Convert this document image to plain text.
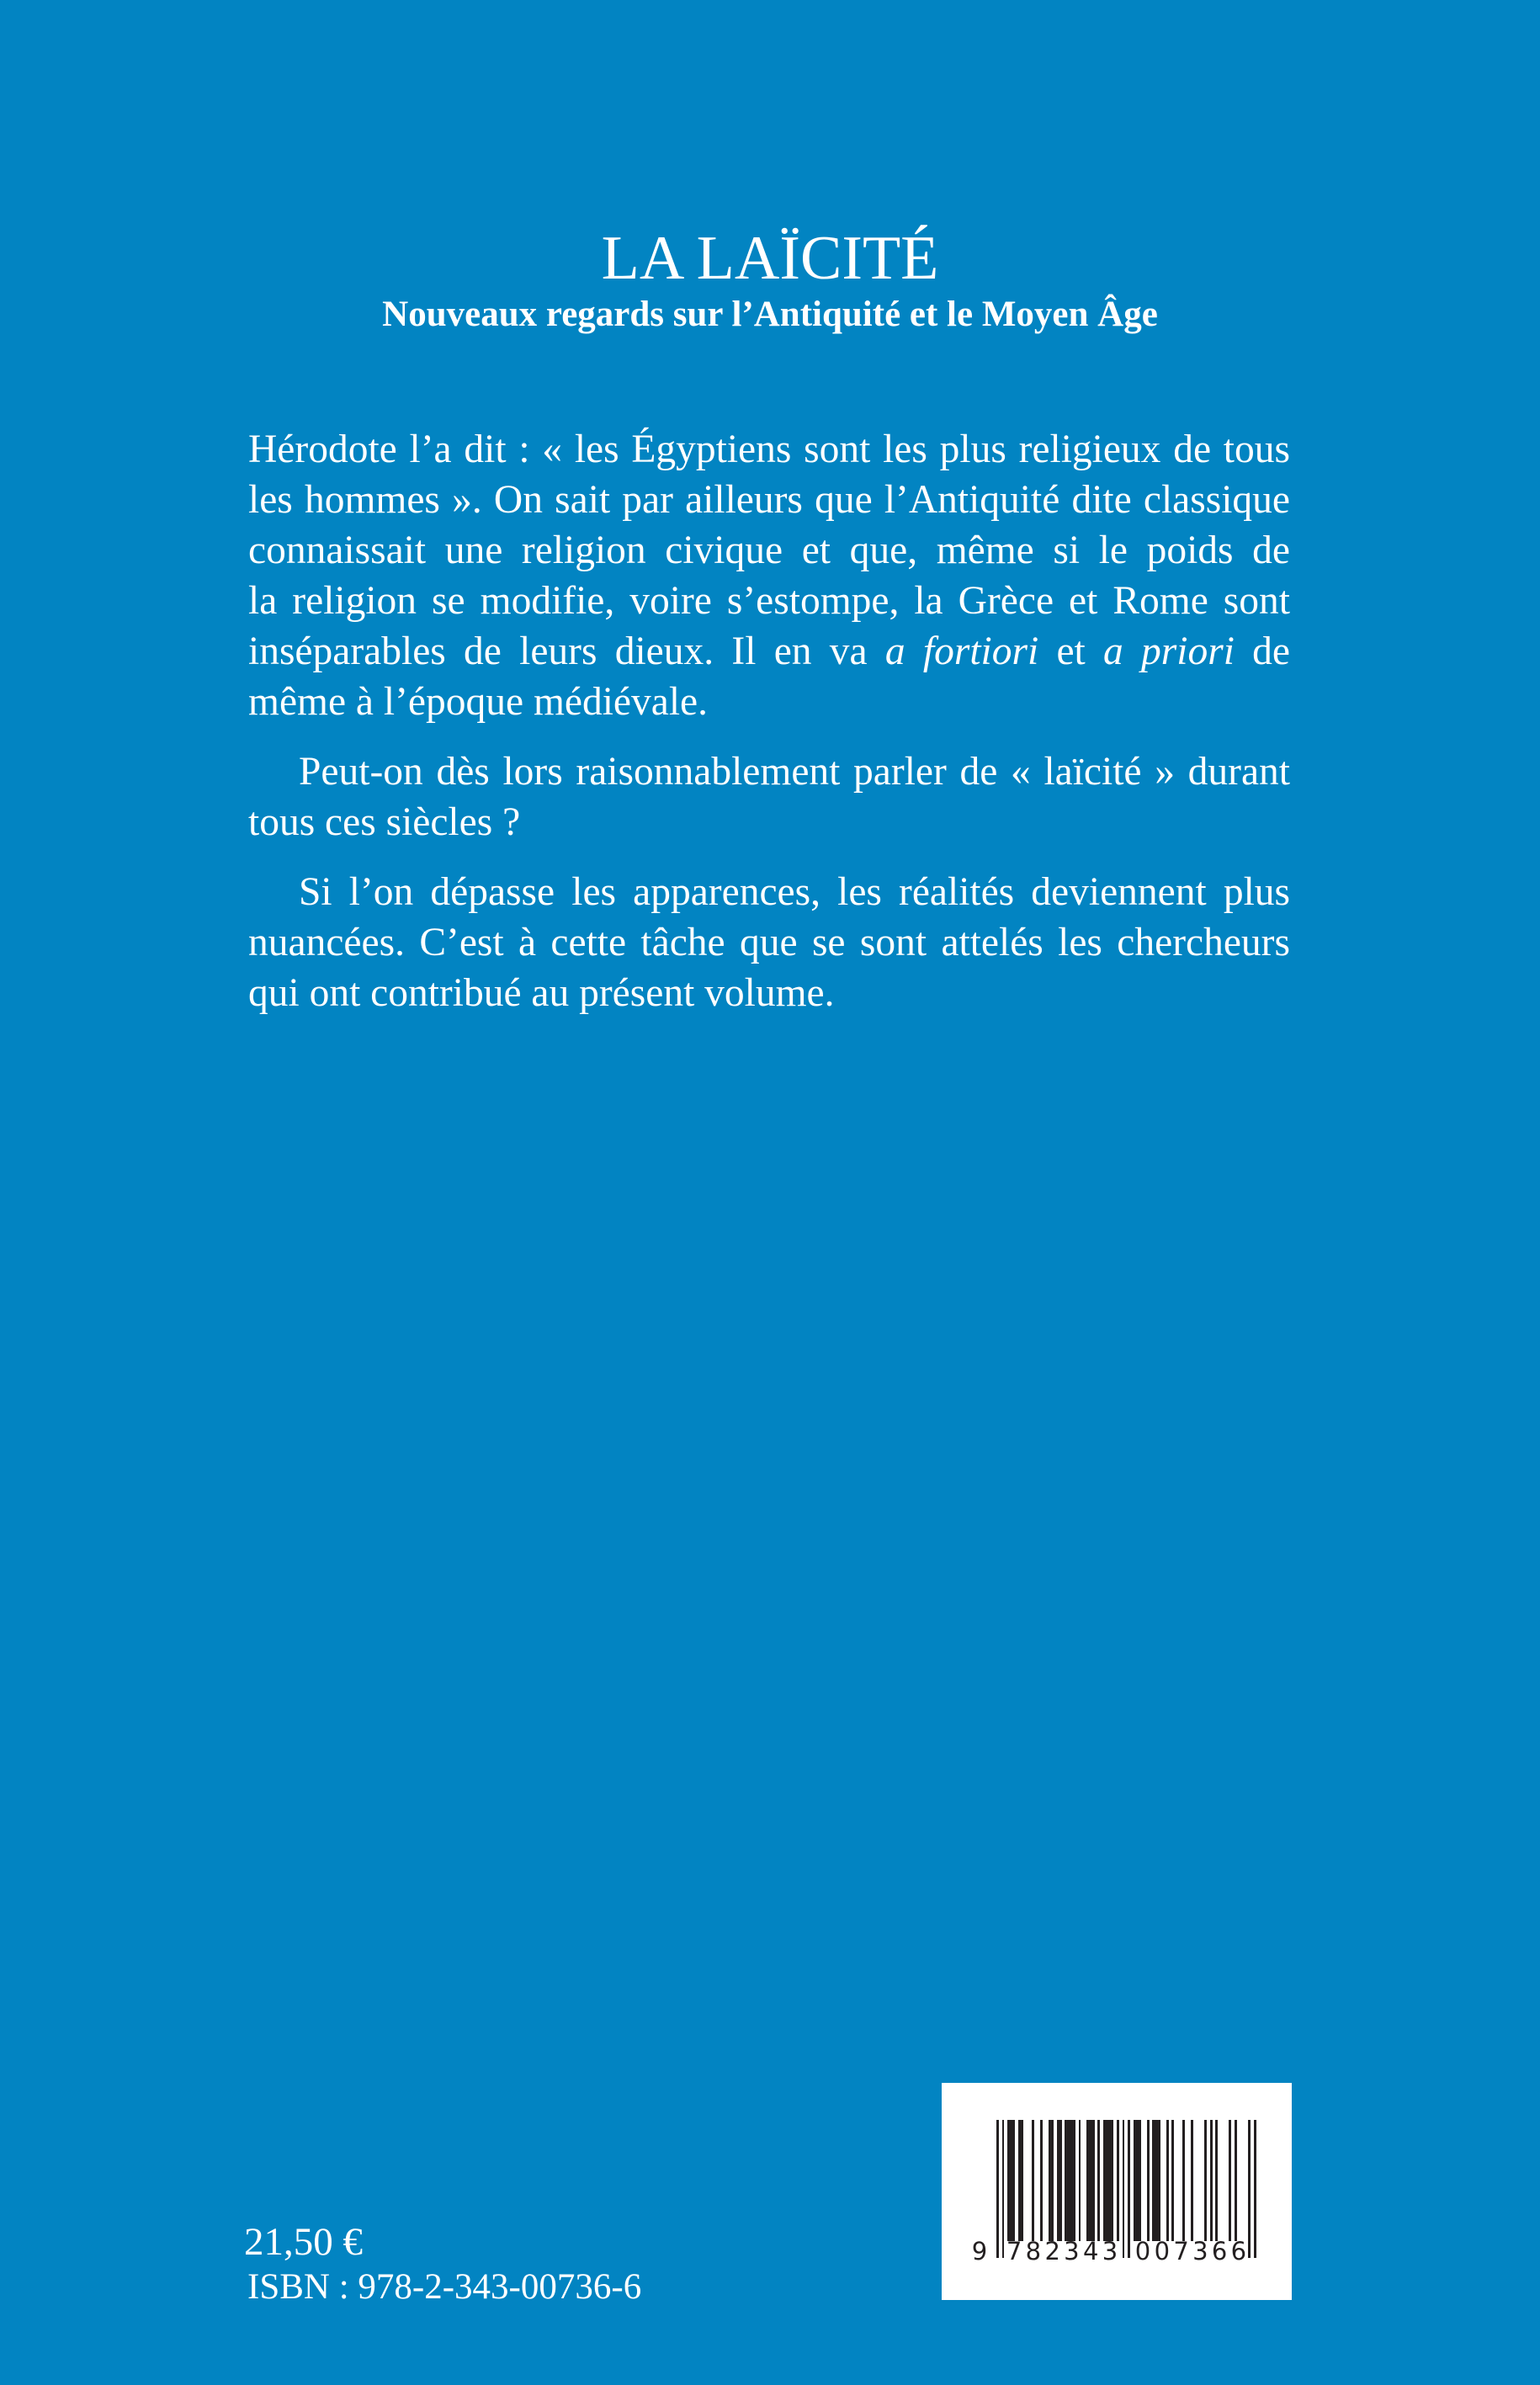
LA LAÏCITÉ
Nouveaux regards sur l’Antiquité et le Moyen Âge
Hérodote l’a dit : « les Égyptiens sont les plus religieux de tous
les hommes ». On sait par ailleurs que l’Antiquité dite classique
connaissait une religion civique et que, même si le poids de
la religion se modifie, voire s’estompe, la Grèce et Rome sont
inséparables de leurs dieux. Il en va a fortiori et a priori de
même à l’époque médiévale.
Peut-on dès lors raisonnablement parler de « laïcité » durant
tous ces siècles ?
Si l’on dépasse les apparences, les réalités deviennent plus
nuancées. C’est à cette tâche que se sont attelés les chercheurs
qui ont contribué au présent volume.
21,50 €
ISBN : 978-2-343-00736-6
9 7 8 2 3 4 3 0 0 7 3 6 6
